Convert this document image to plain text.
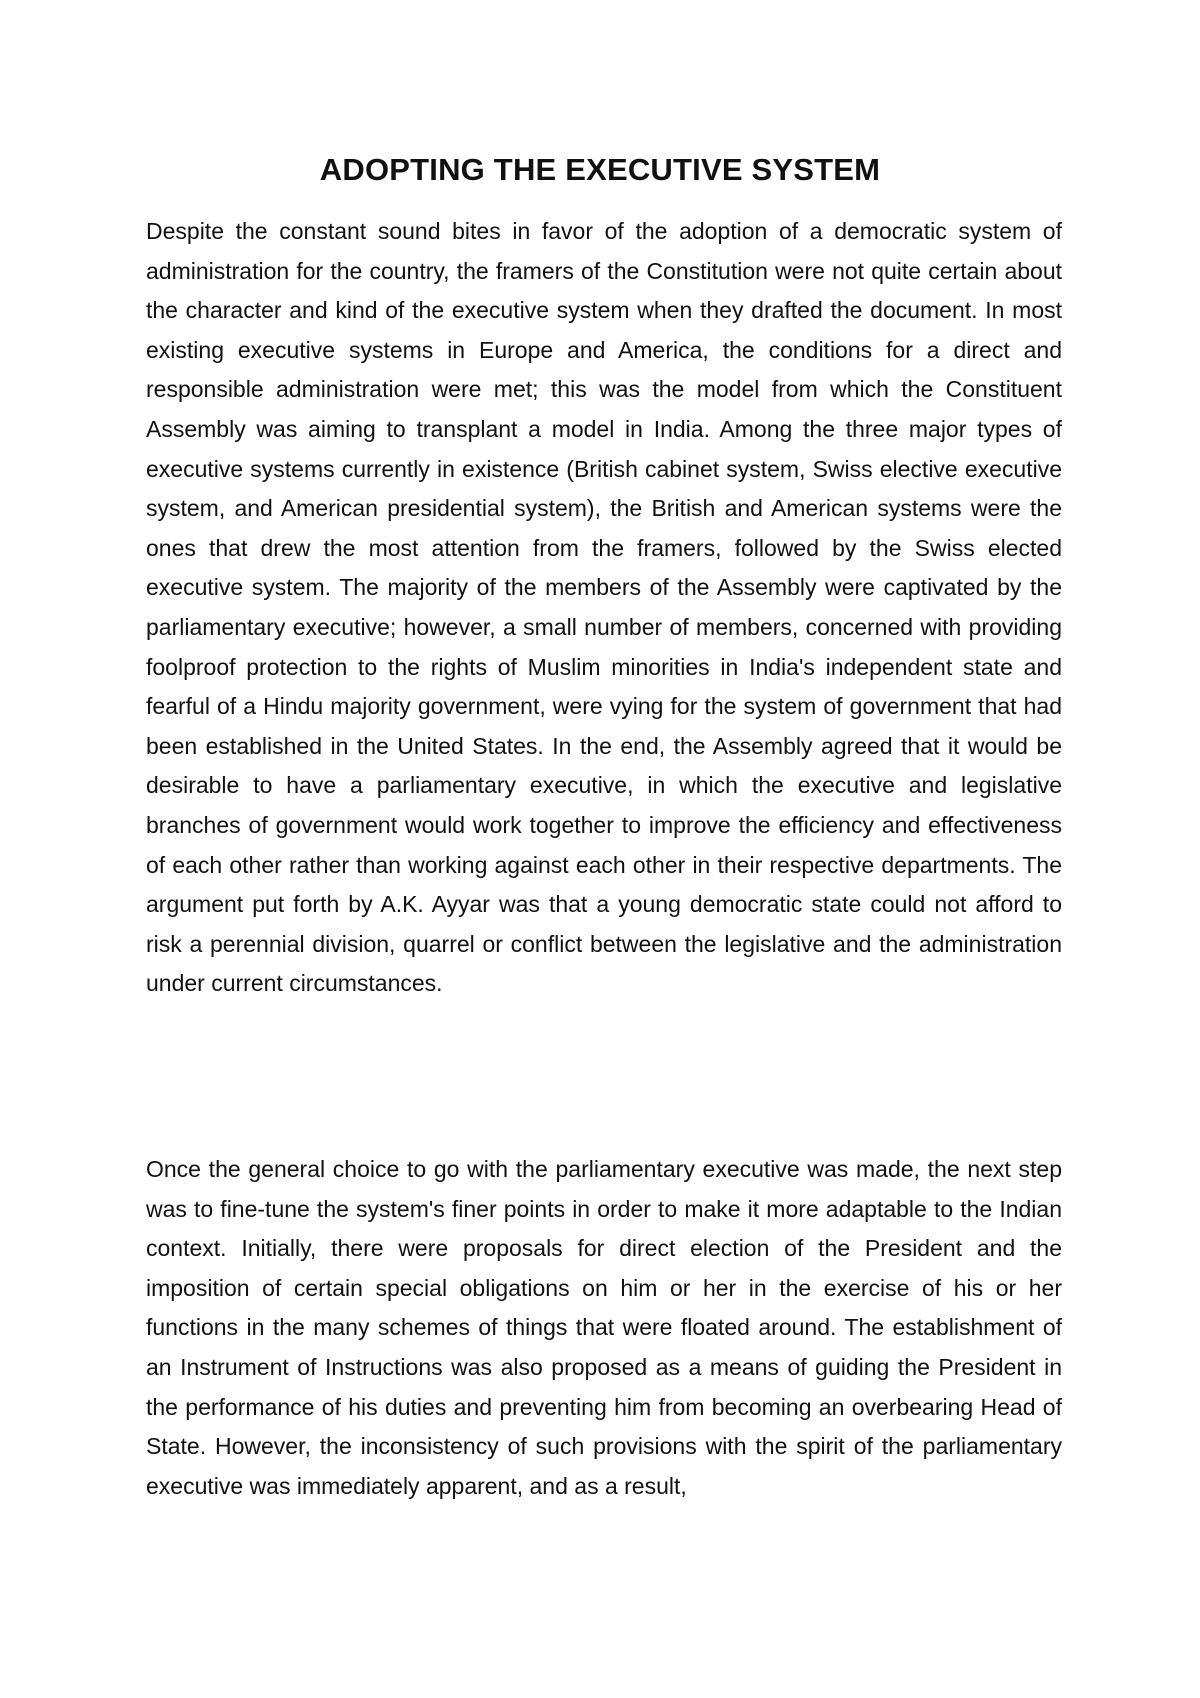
ADOPTING THE EXECUTIVE SYSTEM

Despite the constant sound bites in favor of the adoption of a democratic system of administration for the country, the framers of the Constitution were not quite certain about the character and kind of the executive system when they drafted the document. In most existing executive systems in Europe and America, the conditions for a direct and responsible administration were met; this was the model from which the Constituent Assembly was aiming to transplant a model in India. Among the three major types of executive systems currently in existence (British cabinet system, Swiss elective executive system, and American presidential system), the British and American systems were the ones that drew the most attention from the framers, followed by the Swiss elected executive system. The majority of the members of the Assembly were captivated by the parliamentary executive; however, a small number of members, concerned with providing foolproof protection to the rights of Muslim minorities in India's independent state and fearful of a Hindu majority government, were vying for the system of government that had been established in the United States. In the end, the Assembly agreed that it would be desirable to have a parliamentary executive, in which the executive and legislative branches of government would work together to improve the efficiency and effectiveness of each other rather than working against each other in their respective departments. The argument put forth by A.K. Ayyar was that a young democratic state could not afford to risk a perennial division, quarrel or conflict between the legislative and the administration under current circumstances.

Once the general choice to go with the parliamentary executive was made, the next step was to fine-tune the system's finer points in order to make it more adaptable to the Indian context. Initially, there were proposals for direct election of the President and the imposition of certain special obligations on him or her in the exercise of his or her functions in the many schemes of things that were floated around. The establishment of an Instrument of Instructions was also proposed as a means of guiding the President in the performance of his duties and preventing him from becoming an overbearing Head of State. However, the inconsistency of such provisions with the spirit of the parliamentary executive was immediately apparent, and as a result,
